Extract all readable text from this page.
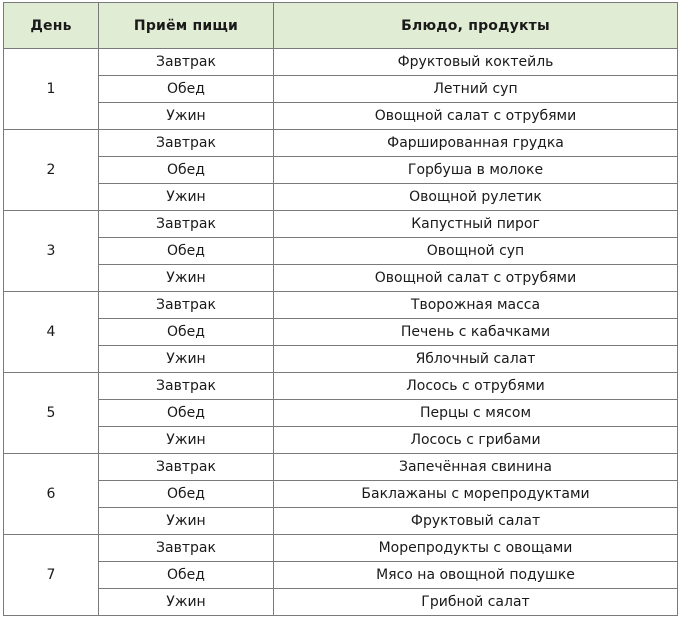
День	Приём пищи	Блюдо, продукты
1	Завтрак	Фруктовый коктейль
	Обед	Летний суп
	Ужин	Овощной салат с отрубями
2	Завтрак	Фаршированная грудка
	Обед	Горбуша в молоке
	Ужин	Овощной рулетик
3	Завтрак	Капустный пирог
	Обед	Овощной суп
	Ужин	Овощной салат с отрубями
4	Завтрак	Творожная масса
	Обед	Печень с кабачками
	Ужин	Яблочный салат
5	Завтрак	Лосось с отрубями
	Обед	Перцы с мясом
	Ужин	Лосось с грибами
6	Завтрак	Запечённая свинина
	Обед	Баклажаны с морепродуктами
	Ужин	Фруктовый салат
7	Завтрак	Морепродукты с овощами
	Обед	Мясо на овощной подушке
	Ужин	Грибной салат
